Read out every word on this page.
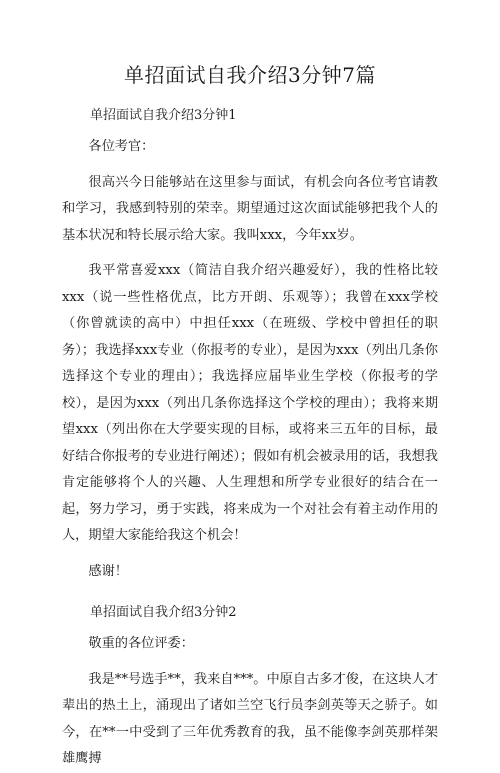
单招面试自我介绍3分钟7篇

单招面试自我介绍3分钟1

各位考官：

很高兴今日能够站在这里参与面试，有机会向各位考官请教和学习，我感到特别的荣幸。期望通过这次面试能够把我个人的基本状况和特长展示给大家。我叫xxx，今年xx岁。

我平常喜爱xxx（简洁自我介绍兴趣爱好），我的性格比较xxx（说一些性格优点，比方开朗、乐观等）；我曾在xxx学校（你曾就读的高中）中担任xxx（在班级、学校中曾担任的职务）；我选择xxx专业（你报考的专业），是因为xxx（列出几条你选择这个专业的理由）；我选择应届毕业生学校（你报考的学校），是因为xxx（列出几条你选择这个学校的理由）；我将来期望xxx（列出你在大学要实现的目标，或将来三五年的目标，最好结合你报考的专业进行阐述）；假如有机会被录用的话，我想我肯定能够将个人的兴趣、人生理想和所学专业很好的结合在一起，努力学习，勇于实践，将来成为一个对社会有着主动作用的人，期望大家能给我这个机会！

感谢！

单招面试自我介绍3分钟2

敬重的各位评委：

我是**号选手**，我来自***。中原自古多才俊，在这块人才辈出的热土上，涌现出了诸如兰空飞行员李剑英等天之骄子。如今，在**一中受到了三年优秀教育的我，虽不能像李剑英那样架雄鹰搏
